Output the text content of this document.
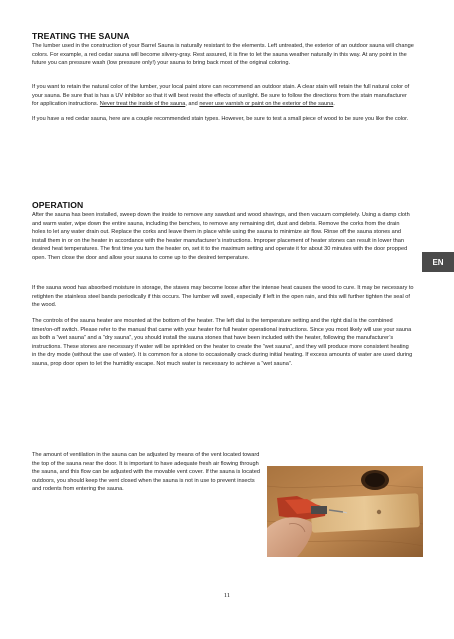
TREATING THE SAUNA

The lumber used in the construction of your Barrel Sauna is naturally resistant to the elements. Left untreated, the exterior of an outdoor sauna will change colors. For example, a red cedar sauna will become silvery-gray. Rest assured, it is fine to let the sauna weather naturally in this way. At any point in the future you can pressure wash (low pressure only!) your sauna to bring back most of the original coloring.

If you want to retain the natural color of the lumber, your local paint store can recommend an outdoor stain. A clear stain will retain the full natural color of your sauna. Be sure that is has a UV inhibitor so that it will best resist the effects of sunlight. Be sure to follow the directions from the stain manufacturer for application instructions. Never treat the inside of the sauna, and never use varnish or paint on the exterior of the sauna.

If you have a red cedar sauna, here are a couple recommended stain types. However, be sure to test a small piece of wood to be sure you like the color.

OPERATION

After the sauna has been installed, sweep down the inside to remove any sawdust and wood shavings, and then vacuum completely. Using a damp cloth and warm water, wipe down the entire sauna, including the benches, to remove any remaining dirt, dust and debris. Remove the corks from the drain holes to let any water drain out. Replace the corks and leave them in place while using the sauna to minimize air flow. Rinse off the sauna stones and install them in or on the heater in accordance with the heater manufacturer’s instructions. Improper placement of heater stones can result in lower than desired heat temperatures. The first time you turn the heater on, set it to the maximum setting and operate it for about 30 minutes with the door propped open. Then close the door and allow your sauna to come up to the desired temperature.

If the sauna wood has absorbed moisture in storage, the staves may become loose after the intense heat causes the wood to cure. It may be necessary to retighten the stainless steel bands periodically if this occurs. The lumber will swell, especially if left in the open rain, and this will further tighten the seal of the wood.

The controls of the sauna heater are mounted at the bottom of the heater. The left dial is the temperature setting and the right dial is the combined timer/on-off switch. Please refer to the manual that came with your heater for full heater operational instructions. Since you most likely will use your sauna as both a “wet sauna” and a “dry sauna”, you should install the sauna stones that have been included with the heater, following the manufacturer’s instructions. These stones are necessary if water will be sprinkled on the heater to create the “wet sauna”, and they will produce more consistent heating in the dry mode (without the use of water). It is common for a stone to occasionally crack during initial heating. If excess amounts of water are used during sauna, prop door open to let the humidity escape. Not much water is necessary to achieve a “wet sauna”.

The amount of ventilation in the sauna can be adjusted by means of the vent located toward the top of the sauna near the door. It is important to have adequate fresh air flowing through the sauna, and this flow can be adjusted with the movable vent cover. If the sauna is located outdoors, you should keep the vent closed when the sauna is not in use to prevent insects and rodents from entering the sauna.

EN
11
